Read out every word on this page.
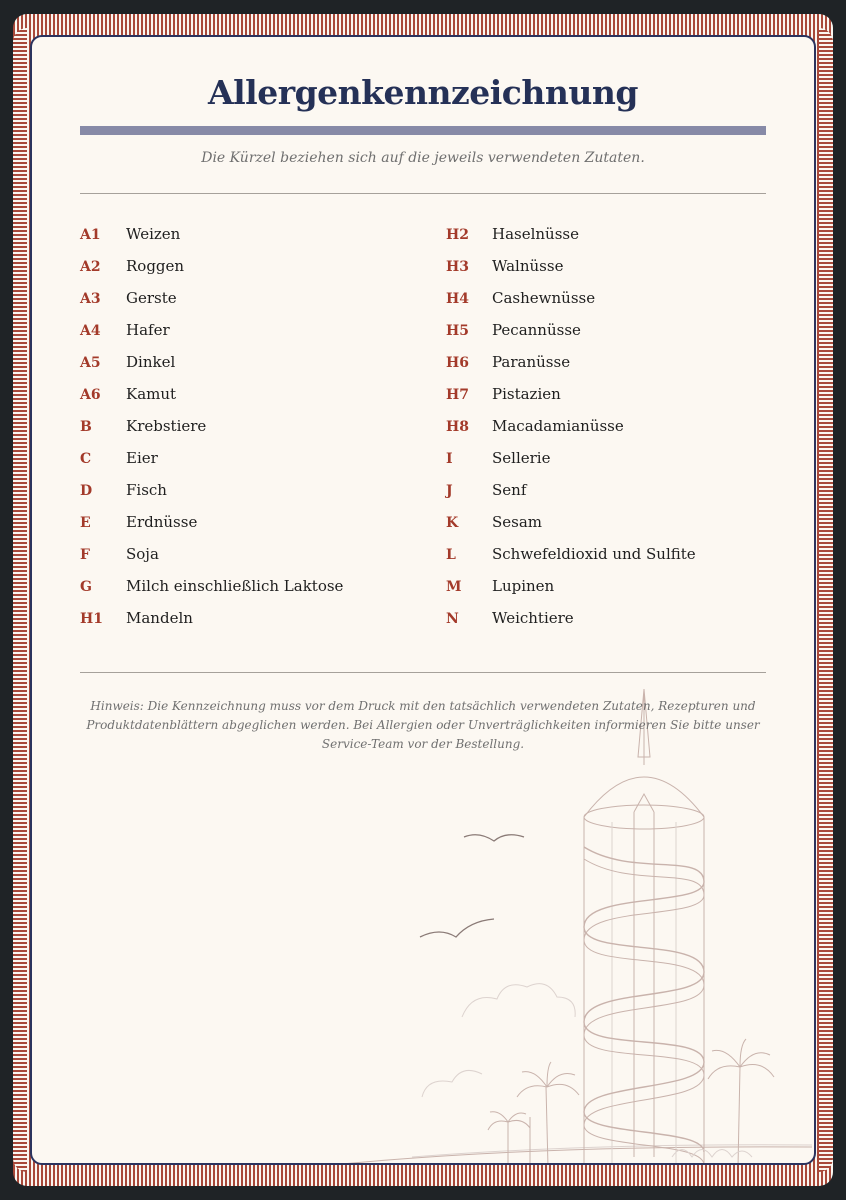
Allergenkennzeichnung
Die Kürzel beziehen sich auf die jeweils verwendeten Zutaten.
A1	Weizen
A2	Roggen
A3	Gerste
A4	Hafer
A5	Dinkel
A6	Kamut
B	Krebstiere
C	Eier
D	Fisch
E	Erdnüsse
F	Soja
G	Milch einschließlich Laktose
H1	Mandeln
H2	Haselnüsse
H3	Walnüsse
H4	Cashewnüsse
H5	Pecannüsse
H6	Paranüsse
H7	Pistazien
H8	Macadamianüsse
I	Sellerie
J	Senf
K	Sesam
L	Schwefeldioxid und Sulfite
M	Lupinen
N	Weichtiere
Hinweis: Die Kennzeichnung muss vor dem Druck mit den tatsächlich verwendeten Zutaten, Rezepturen und Produktdatenblättern abgeglichen werden. Bei Allergien oder Unverträglichkeiten informieren Sie bitte unser Service-Team vor der Bestellung.
